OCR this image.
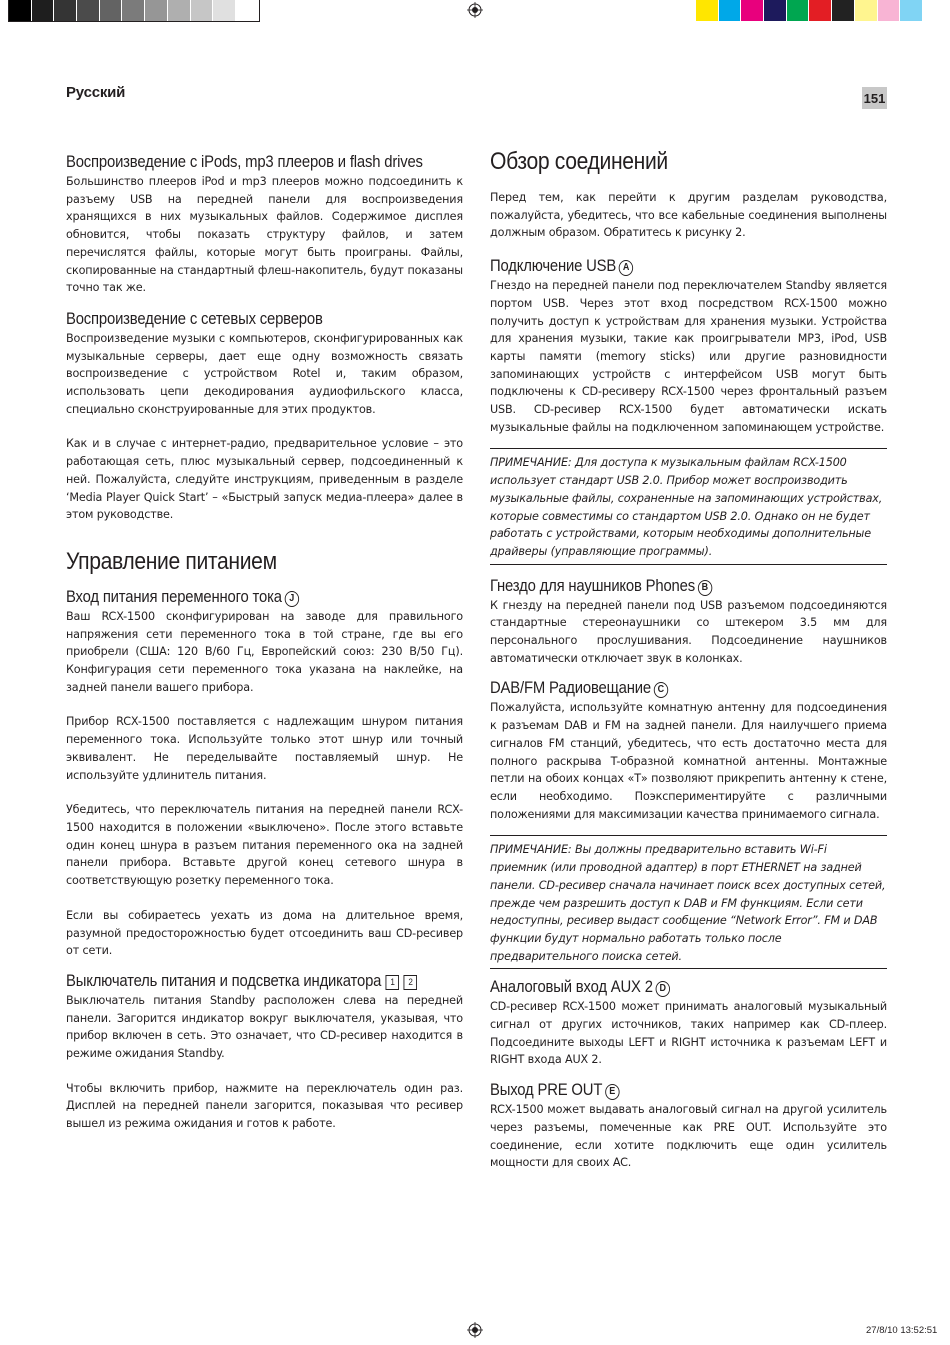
Русский	151
Воспроизведение с iPods, mp3 плееров и flash drives

Большинство плееров iPod и mp3 плееров можно подсоединить к разъему USB на передней панели для воспроизведения хранящихся в них музыкальных файлов. Содержимое дисплея обновится, чтобы показать структуру файлов, и затем перечислятся файлы, которые могут быть проиграны. Файлы, скопированные на стандартный флеш-накопитель, будут показаны точно так же.

Воспроизведение с сетевых серверов

Воспроизведение музыки с компьютеров, сконфигурированных как музыкальные серверы, дает еще одну возможность связать воспроизведение с устройством Rotel и, таким образом, использовать цепи декодирования аудиофильского класса, специально сконструированные для этих продуктов.

Как и в случае с интернет-радио, предварительное условие – это работающая сеть, плюс музыкальный сервер, подсоединенный к ней. Пожалуйста, следуйте инструкциям, приведенным в разделе ‘Media Player Quick Start’ – «Быстрый запуск медиа-плеера» далее в этом руководстве.

Управление питанием
Вход питания переменного тока J

Ваш RCX-1500 сконфигурирован на заводе для правильного напряжения сети переменного тока в той стране, где вы его приобрели (США: 120 В/60 Гц, Европейский союз: 230 В/50 Гц). Конфигурация сети переменного тока указана на наклейке, на задней панели вашего прибора.

Прибор RCX-1500 поставляется с надлежащим шнуром питания переменного тока. Используйте только этот шнур или точный эквивалент. Не переделывайте поставляемый шнур. Не используйте удлинитель питания.

Убедитесь, что переключатель питания на передней панели RCX-1500 находится в положении «выключено». После этого вставьте один конец шнура в разъем питания переменного ока на задней панели прибора. Вставьте другой конец сетевого шнура в соответствующую розетку переменного тока.

Если вы собираетесь уехать из дома на длительное время, разумной предосторожностью будет отсоединить ваш CD-ресивер от сети.

Выключатель питания и подсветка индикатора 1 2

Выключатель питания Standby расположен слева на передней панели. Загорится индикатор вокруг выключателя, указывая, что прибор включен в сеть. Это означает, что CD-ресивер находится в режиме ожидания Standby.

Чтобы включить прибор, нажмите на переключатель один раз. Дисплей на передней панели загорится, показывая что ресивер вышел из режима ожидания и готов к работе.

Обзор соединений

Перед тем, как перейти к другим разделам руководства, пожалуйста, убедитесь, что все кабельные соединения выполнены должным образом. Обратитесь к рисунку 2.

Подключение USB A

Гнездо на передней панели под переключателем Standby является портом USB. Через этот вход посредством RCX-1500 можно получить доступ к устройствам для хранения музыки. Устройства для хранения музыки, такие как проигрыватели MP3, iPod, USB карты памяти (memory sticks) или другие разновидности запоминающих устройств с интерфейсом USB могут быть подключены к CD-ресиверу RCX-1500 через фронтальный разъем USB. CD-ресивер RCX-1500 будет автоматически искать музыкальные файлы на подключенном запоминающем устройстве.

ПРИМЕЧАНИЕ: Для доступа к музыкальным файлам RCX-1500 использует стандарт USB 2.0. Прибор может воспроизводить музыкальные файлы, сохраненные на запоминающих устройствах, которые совместимы со стандартом USB 2.0. Однако он не будет работать с устройствами, которым необходимы дополнительные драйверы (управляющие программы).

Гнездо для наушников Phones B

К гнезду на передней панели под USB разъемом подсоединяются стандартные стереонаушники со штекером 3.5 мм для персонального прослушивания. Подсоединение наушников автоматически отключает звук в колонках.

DAB/FM Радиовещание C

Пожалуйста, используйте комнатную антенну для подсоединения к разъемам DAB и FM на задней панели. Для наилучшего приема сигналов FM станций, убедитесь, что есть достаточно места для полного раскрыва T-образной комнатной антенны. Монтажные петли на обоих концах «Т» позволяют прикрепить антенну к стене, если необходимо. Поэкспериментируйте с различными положениями для максимизации качества принимаемого сигнала.

ПРИМЕЧАНИЕ: Вы должны предварительно вставить Wi-Fi приемник (или проводной адаптер) в порт ETHERNET на задней панели. CD-ресивер сначала начинает поиск всех доступных сетей, прежде чем разрешить доступ к DAB и FM функциям. Если сети недоступны, ресивер выдаст сообщение “Network Error”. FM и DAB функции будут нормально работать только после предварительного поиска сетей.

Аналоговый вход AUX 2 D

CD-ресивер RCX-1500 может принимать аналоговый музыкальный сигнал от других источников, таких например как CD-плеер. Подсоедините выходы LEFT и RIGHT источника к разъемам LEFT и RIGHT входа AUX 2.

Выход PRE OUT E

RCX-1500 может выдавать аналоговый сигнал на другой усилитель через разъемы, помеченные как PRE OUT. Используйте это соединение, если хотите подключить еще один усилитель мощности для своих AC.

27/8/10 13:52:51
